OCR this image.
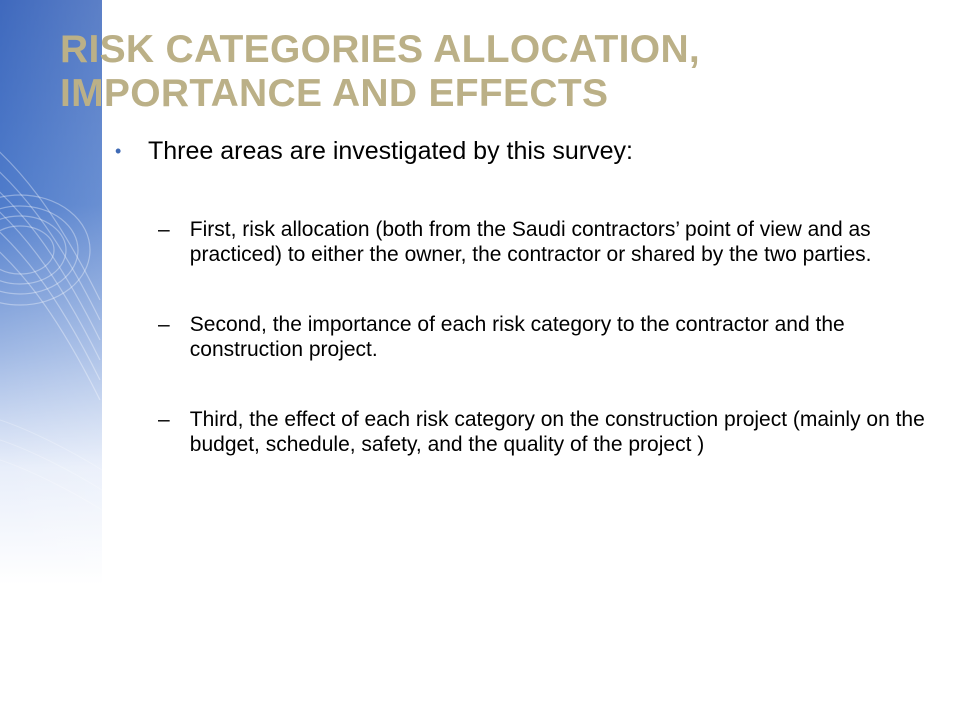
RISK CATEGORIES ALLOCATION,
IMPORTANCE AND EFFECTS
•	Three areas are investigated by this survey:
– First, risk allocation (both from the Saudi contractors’ point of view and as practiced) to either the owner, the contractor or shared by the two parties.
– Second, the importance of each risk category to the contractor and the construction project.
– Third, the effect of each risk category on the construction project (mainly on the budget, schedule, safety, and the quality of the project )
